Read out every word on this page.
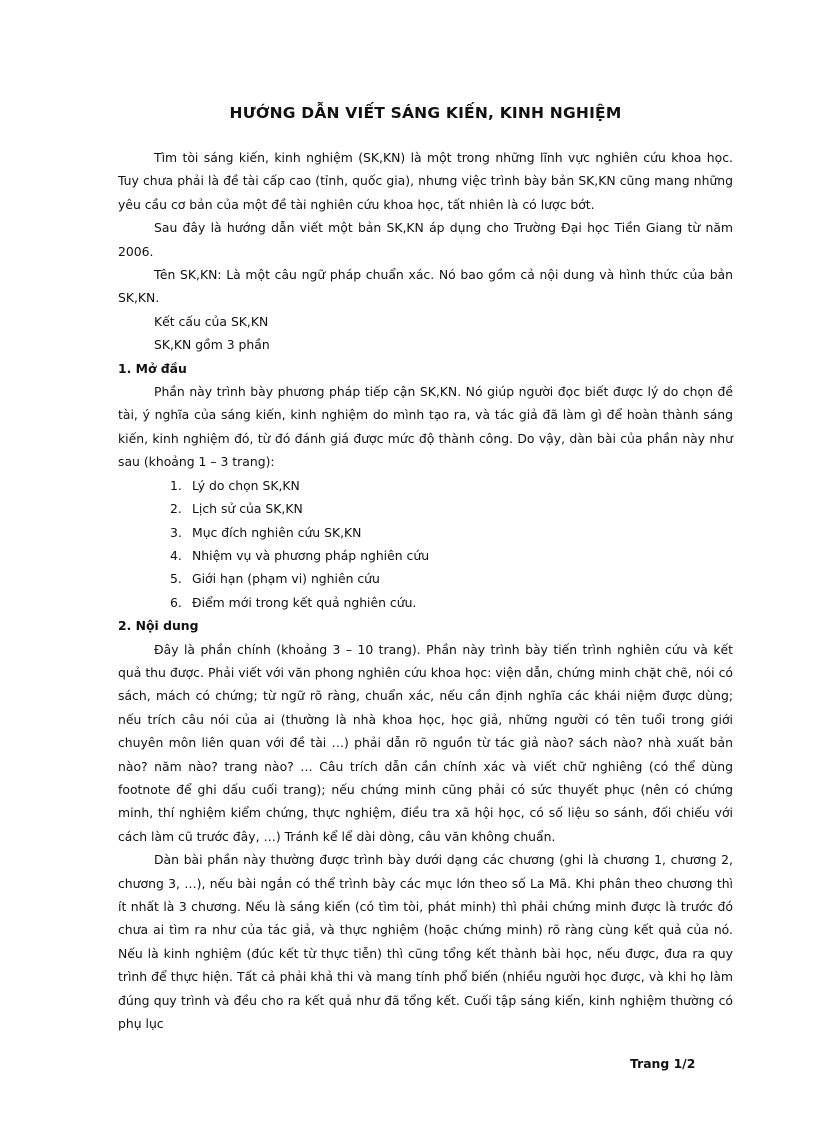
HƯỚNG DẪN VIẾT SÁNG KIẾN, KINH NGHIỆM

Tìm tòi sáng kiến, kinh nghiệm (SK,KN) là một trong những lĩnh vực nghiên cứu khoa học. Tuy chưa phải là đề tài cấp cao (tỉnh, quốc gia), nhưng việc trình bày bản SK,KN cũng mang những yêu cầu cơ bản của một đề tài nghiên cứu khoa học, tất nhiên là có lược bớt.

Sau đây là hướng dẫn viết một bản SK,KN áp dụng cho Trường Đại học Tiền Giang từ năm 2006.

Tên SK,KN: Là một câu ngữ pháp chuẩn xác. Nó bao gồm cả nội dung và hình thức của bản SK,KN.

Kết cấu của SK,KN

SK,KN gồm 3 phần

1. Mở đầu

Phần này trình bày phương pháp tiếp cận SK,KN. Nó giúp người đọc biết được lý do chọn đề tài, ý nghĩa của sáng kiến, kinh nghiệm do mình tạo ra, và tác giả đã làm gì để hoàn thành sáng kiến, kinh nghiệm đó, từ đó đánh giá được mức độ thành công. Do vậy, dàn bài của phần này như sau (khoảng 1 – 3 trang):

1. Lý do chọn SK,KN
2. Lịch sử của SK,KN
3. Mục đích nghiên cứu SK,KN
4. Nhiệm vụ và phương pháp nghiên cứu
5. Giới hạn (phạm vi) nghiên cứu
6. Điểm mới trong kết quả nghiên cứu.
2. Nội dung

Đây là phần chính (khoảng 3 – 10 trang). Phần này trình bày tiến trình nghiên cứu và kết quả thu được. Phải viết với văn phong nghiên cứu khoa học: viện dẫn, chứng minh chặt chẽ, nói có sách, mách có chứng; từ ngữ rõ ràng, chuẩn xác, nếu cần định nghĩa các khái niệm được dùng; nếu trích câu nói của ai (thường là nhà khoa học, học giả, những người có tên tuổi trong giới chuyên môn liên quan với đề tài …) phải dẫn rõ nguồn từ tác giả nào? sách nào? nhà xuất bản nào? năm nào? trang nào? … Câu trích dẫn cần chính xác và viết chữ nghiêng (có thể dùng footnote để ghi dấu cuối trang); nếu chứng minh cũng phải có sức thuyết phục (nên có chứng minh, thí nghiệm kiểm chứng, thực nghiệm, điều tra xã hội học, có số liệu so sánh, đối chiếu với cách làm cũ trước đây, …) Tránh kể lể dài dòng, câu văn không chuẩn.

Dàn bài phần này thường được trình bày dưới dạng các chương (ghi là chương 1, chương 2, chương 3, …), nếu bài ngắn có thể trình bày các mục lớn theo số La Mã. Khi phân theo chương thì ít nhất là 3 chương. Nếu là sáng kiến (có tìm tòi, phát minh) thì phải chứng minh được là trước đó chưa ai tìm ra như của tác giả, và thực nghiệm (hoặc chứng minh) rõ ràng cùng kết quả của nó. Nếu là kinh nghiệm (đúc kết từ thực tiễn) thì cũng tổng kết thành bài học, nếu được, đưa ra quy trình để thực hiện. Tất cả phải khả thi và mang tính phổ biến (nhiều người học được, và khi họ làm đúng quy trình và đều cho ra kết quả như đã tổng kết. Cuối tập sáng kiến, kinh nghiệm thường có phụ lục

Trang 1/2
